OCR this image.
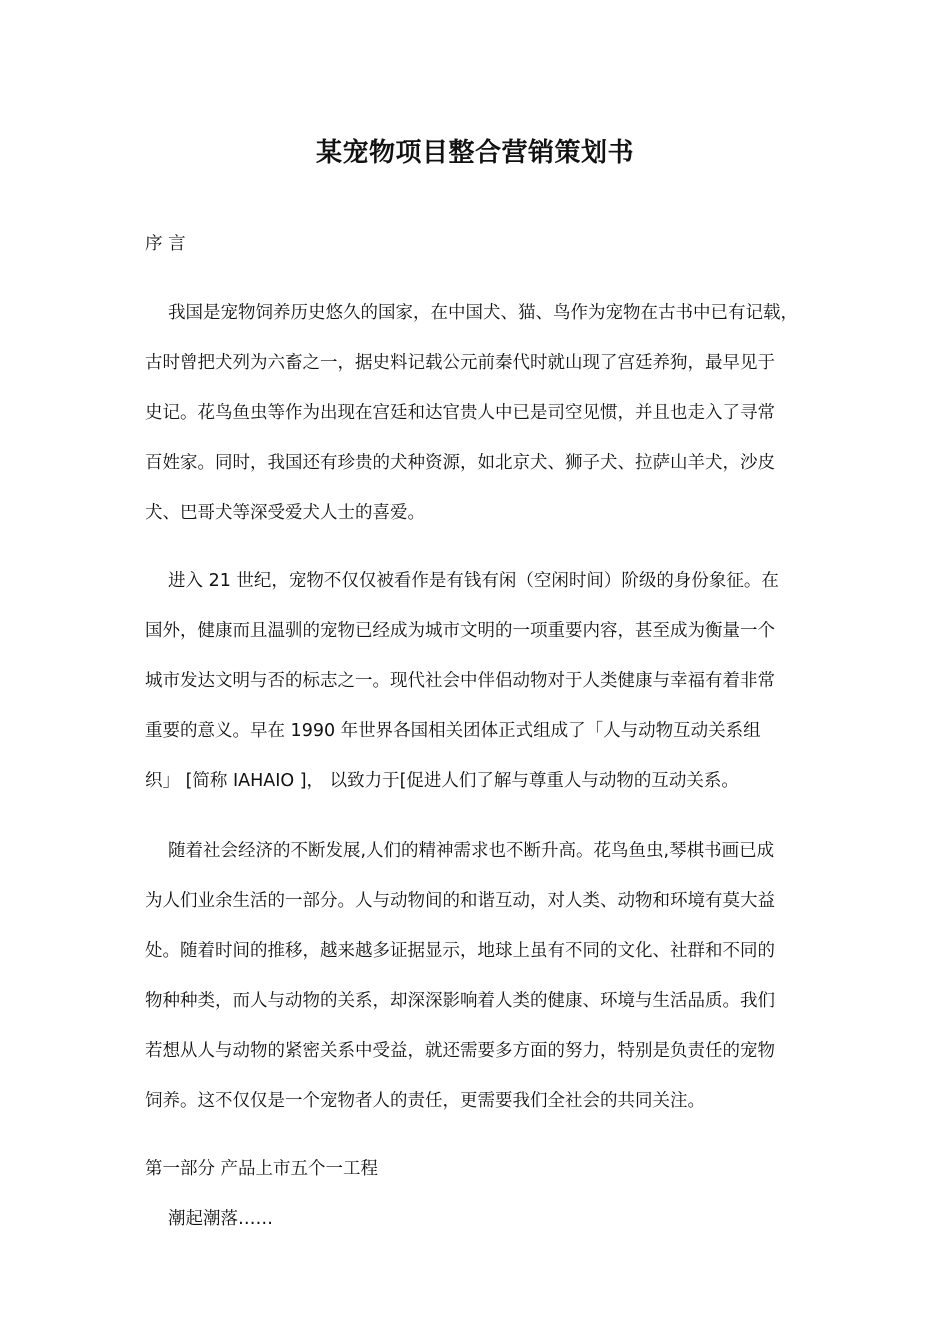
某宠物项目整合营销策划书
序 言
我国是宠物饲养历史悠久的国家，在中国犬、猫、鸟作为宠物在古书中已有记载，
古时曾把犬列为六畜之一，据史料记载公元前秦代时就山现了宫廷养狗，最早见于
史记。花鸟鱼虫等作为出现在宫廷和达官贵人中已是司空见惯，并且也走入了寻常
百姓家。同时，我国还有珍贵的犬种资源，如北京犬、狮子犬、拉萨山羊犬，沙皮
犬、巴哥犬等深受爱犬人士的喜爱。
进入 21 世纪，宠物不仅仅被看作是有钱有闲（空闲时间）阶级的身份象征。在
国外，健康而且温驯的宠物已经成为城市文明的一项重要内容，甚至成为衡量一个
城市发达文明与否的标志之一。现代社会中伴侣动物对于人类健康与幸福有着非常
重要的意义。早在 1990 年世界各国相关团体正式组成了「人与动物互动关系组
织」 [简称 IAHAIO ]， 以致力于[促进人们了解与尊重人与动物的互动关系。
随着社会经济的不断发展,人们的精神需求也不断升高。花鸟鱼虫,琴棋书画已成
为人们业余生活的一部分。人与动物间的和谐互动，对人类、动物和环境有莫大益
处。随着时间的推移，越来越多证据显示，地球上虽有不同的文化、社群和不同的
物种种类，而人与动物的关系，却深深影响着人类的健康、环境与生活品质。我们
若想从人与动物的紧密关系中受益，就还需要多方面的努力，特别是负责任的宠物
饲养。这不仅仅是一个宠物者人的责任，更需要我们全社会的共同关注。
第一部分 产品上市五个一工程
潮起潮落……
